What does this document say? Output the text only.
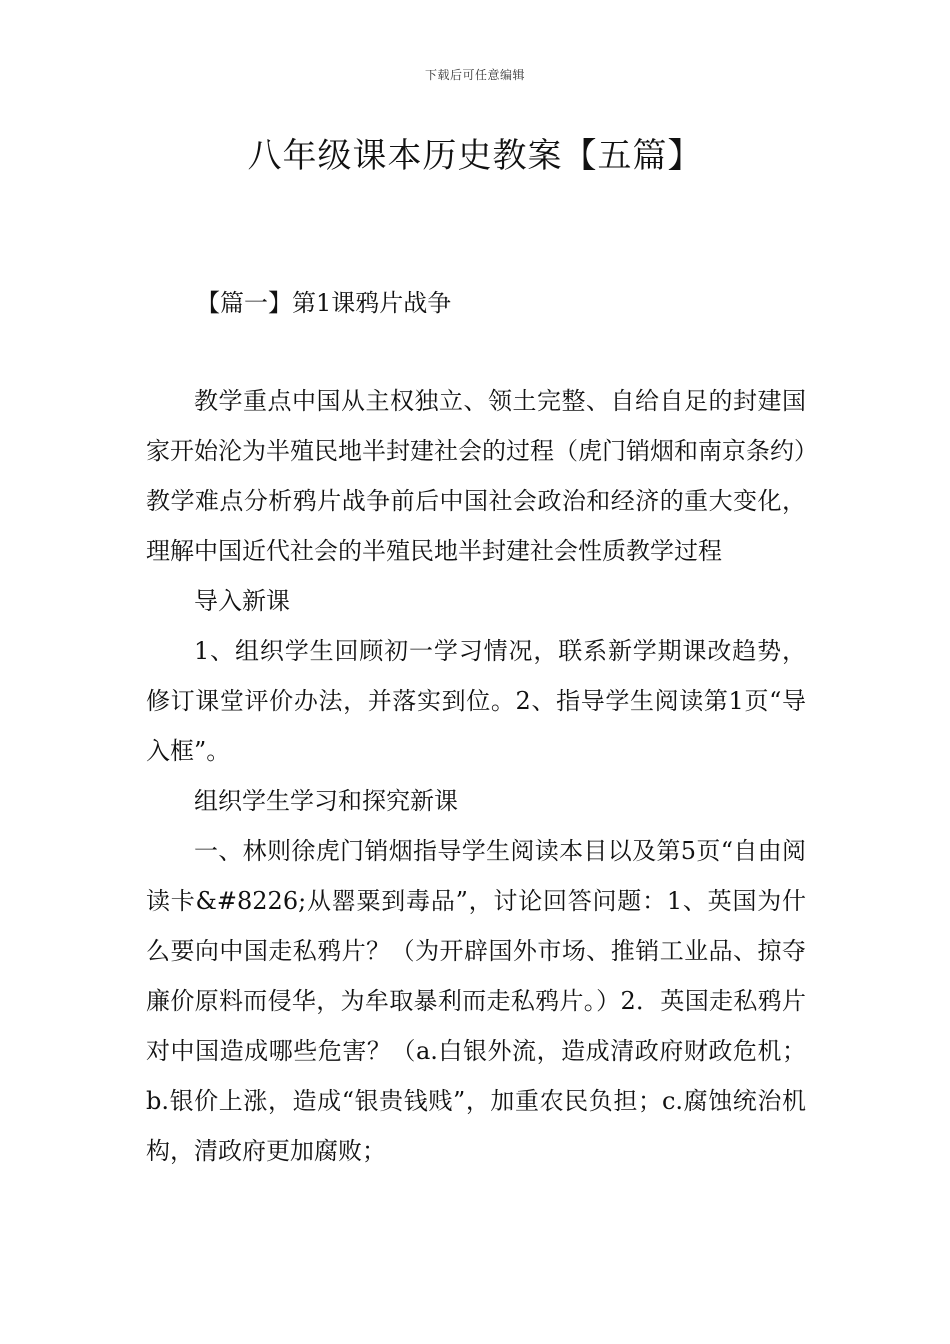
下载后可任意编辑
八年级课本历史教案【五篇】
【篇一】第1课鸦片战争

教学重点中国从主权独立、领土完整、自给自足的封建国家开始沦为半殖民地半封建社会的过程（虎门销烟和南京条约）教学难点分析鸦片战争前后中国社会政治和经济的重大变化，理解中国近代社会的半殖民地半封建社会性质教学过程

导入新课

1、组织学生回顾初一学习情况，联系新学期课改趋势，修订课堂评价办法，并落实到位。2、指导学生阅读第1页“导入框”。

组织学生学习和探究新课

一、林则徐虎门销烟指导学生阅读本目以及第5页“自由阅读卡&#8226;从罂粟到毒品”，讨论回答问题：1、英国为什么要向中国走私鸦片？（为开辟国外市场、推销工业品、掠夺廉价原料而侵华，为牟取暴利而走私鸦片。）2．英国走私鸦片对中国造成哪些危害？（a.白银外流，造成清政府财政危机；b.银价上涨，造成“银贵钱贱”，加重农民负担；c.腐蚀统治机构，清政府更加腐败；
